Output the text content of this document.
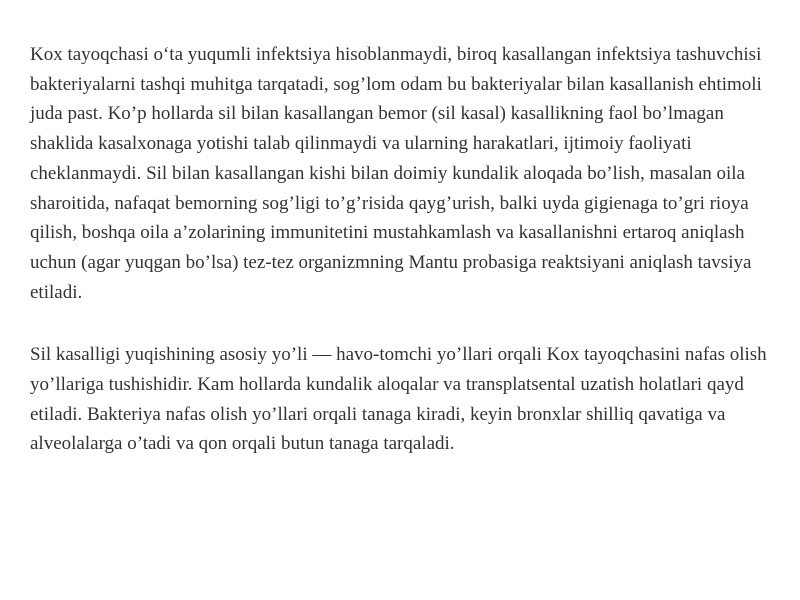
Kox tayoqchasi o‘ta yuqumli infektsiya hisoblanmaydi, biroq kasallangan infektsiya tashuvchisi
bakteriyalarni tashqi muhitga tarqatadi, sog’lom odam bu bakteriyalar bilan kasallanish ehtimoli
juda past. Ko’p hollarda sil bilan kasallangan bemor (sil kasal) kasallikning faol bo’lmagan
shaklida kasalxonaga yotishi talab qilinmaydi va ularning harakatlari, ijtimoiy faoliyati
cheklanmaydi. Sil bilan kasallangan kishi bilan doimiy kundalik aloqada bo’lish, masalan oila
sharoitida, nafaqat bemorning sog’ligi to’g’risida qayg’urish, balki uyda gigienaga to’gri rioya
qilish, boshqa oila a’zolarining immunitetini mustahkamlash va kasallanishni ertaroq aniqlash
uchun (agar yuqgan bo’lsa) tez-tez organizmning Mantu probasiga reaktsiyani aniqlash tavsiya
etiladi.

Sil kasalligi yuqishining asosiy yo’li — havo-tomchi yo’llari orqali Kox tayoqchasini nafas olish
yo’llariga tushishidir. Kam hollarda kundalik aloqalar va transplatsental uzatish holatlari qayd
etiladi. Bakteriya nafas olish yo’llari orqali tanaga kiradi, keyin bronxlar shilliq qavatiga va
alveolalarga o’tadi va qon orqali butun tanaga tarqaladi.
